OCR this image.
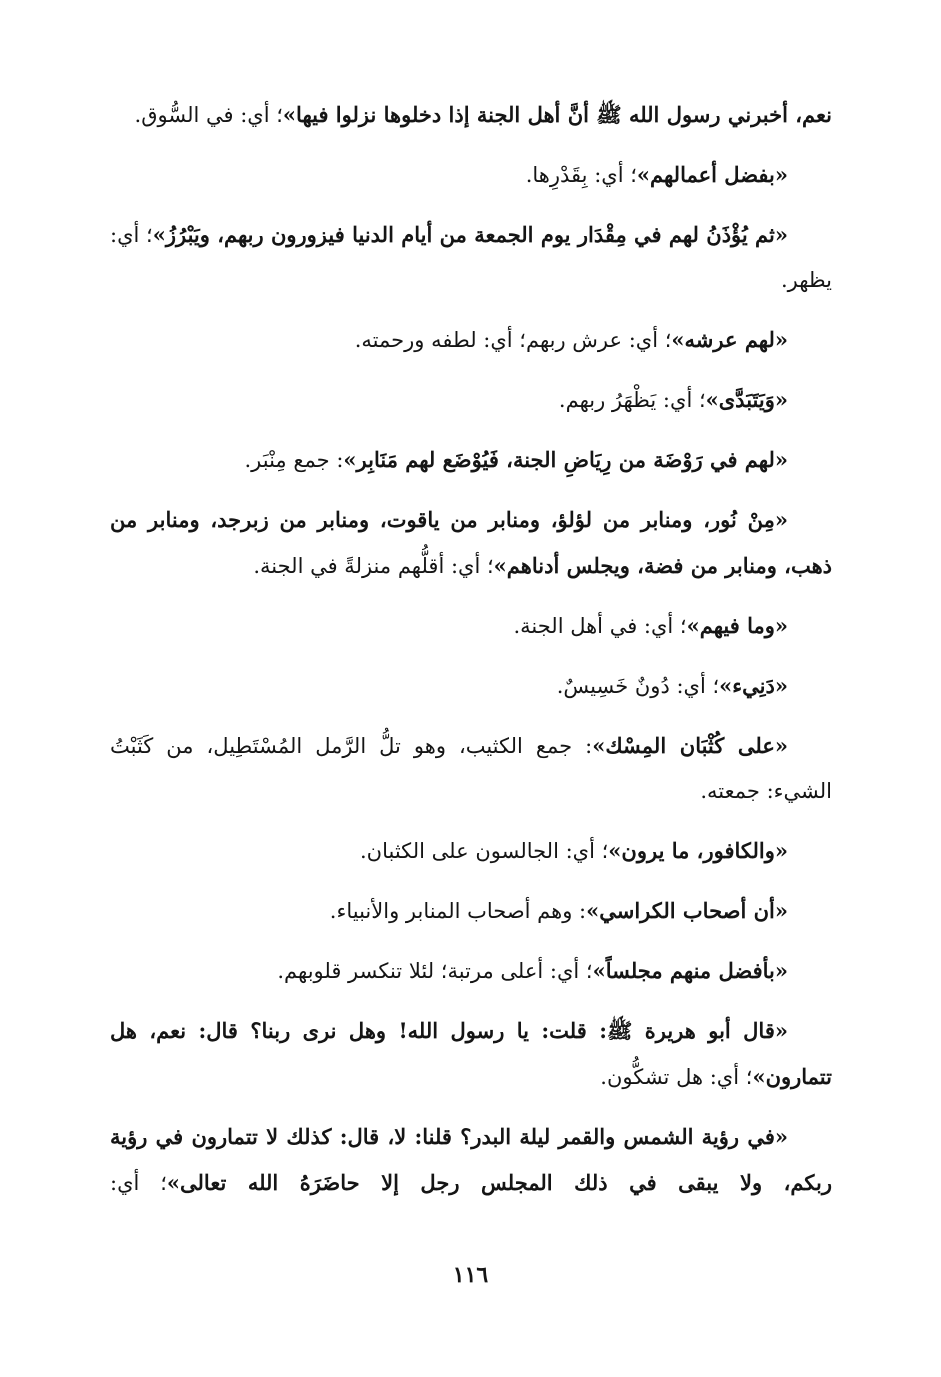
نعم، أخبرني رسول الله ﷺ أنَّ أهل الجنة إذا دخلوها نزلوا فيها»؛ أي: في السُّوق.

«بفضل أعمالهم»؛ أي: بِقَدْرِها.

«ثم يُؤْذَنُ لهم في مِقْدَار يوم الجمعة من أيام الدنيا فيزورون ربهم، ويَبْرُزُ»؛ أي: يظهر.

«لهم عرشه»؛ أي: عرش ربهم؛ أي: لطفه ورحمته.

«وَيَتَبَدَّى»؛ أي: يَظْهَرُ ربهم.

«لهم في رَوْضَة من رِيَاضِ الجنة، فَيُوْضَع لهم مَنَابِر»: جمع مِنْبَر.

«مِنْ نُور، ومنابر من لؤلؤ، ومنابر من ياقوت، ومنابر من زبرجد، ومنابر من ذهب، ومنابر من فضة، ويجلس أدناهم»؛ أي: أقلُّهم منزلةً في الجنة.

«وما فيهم»؛ أي: في أهل الجنة.

«دَنِيء»؛ أي: دُونٌ خَسِيسٌ.

«على كُثْبَان المِسْك»: جمع الكثيب، وهو تلُّ الرَّمل المُسْتَطِيل، من كَثَبْتُ الشيء: جمعته.

«والكافور، ما يرون»؛ أي: الجالسون على الكثبان.

«أن أصحاب الكراسي»: وهم أصحاب المنابر والأنبياء.

«بأفضل منهم مجلساً»؛ أي: أعلى مرتبة؛ لئلا تنكسر قلوبهم.

«قال أبو هريرة ﷺ: قلت: يا رسول الله! وهل نرى ربنا؟ قال: نعم، هل تتمارون»؛ أي: هل تشكُّون.

«في رؤية الشمس والقمر ليلة البدر؟ قلنا: لا، قال: كذلك لا تتمارون في رؤية ربكم، ولا يبقى في ذلك المجلس رجل إلا حاضَرَهُ الله تعالى»؛ أي:

١١٦
